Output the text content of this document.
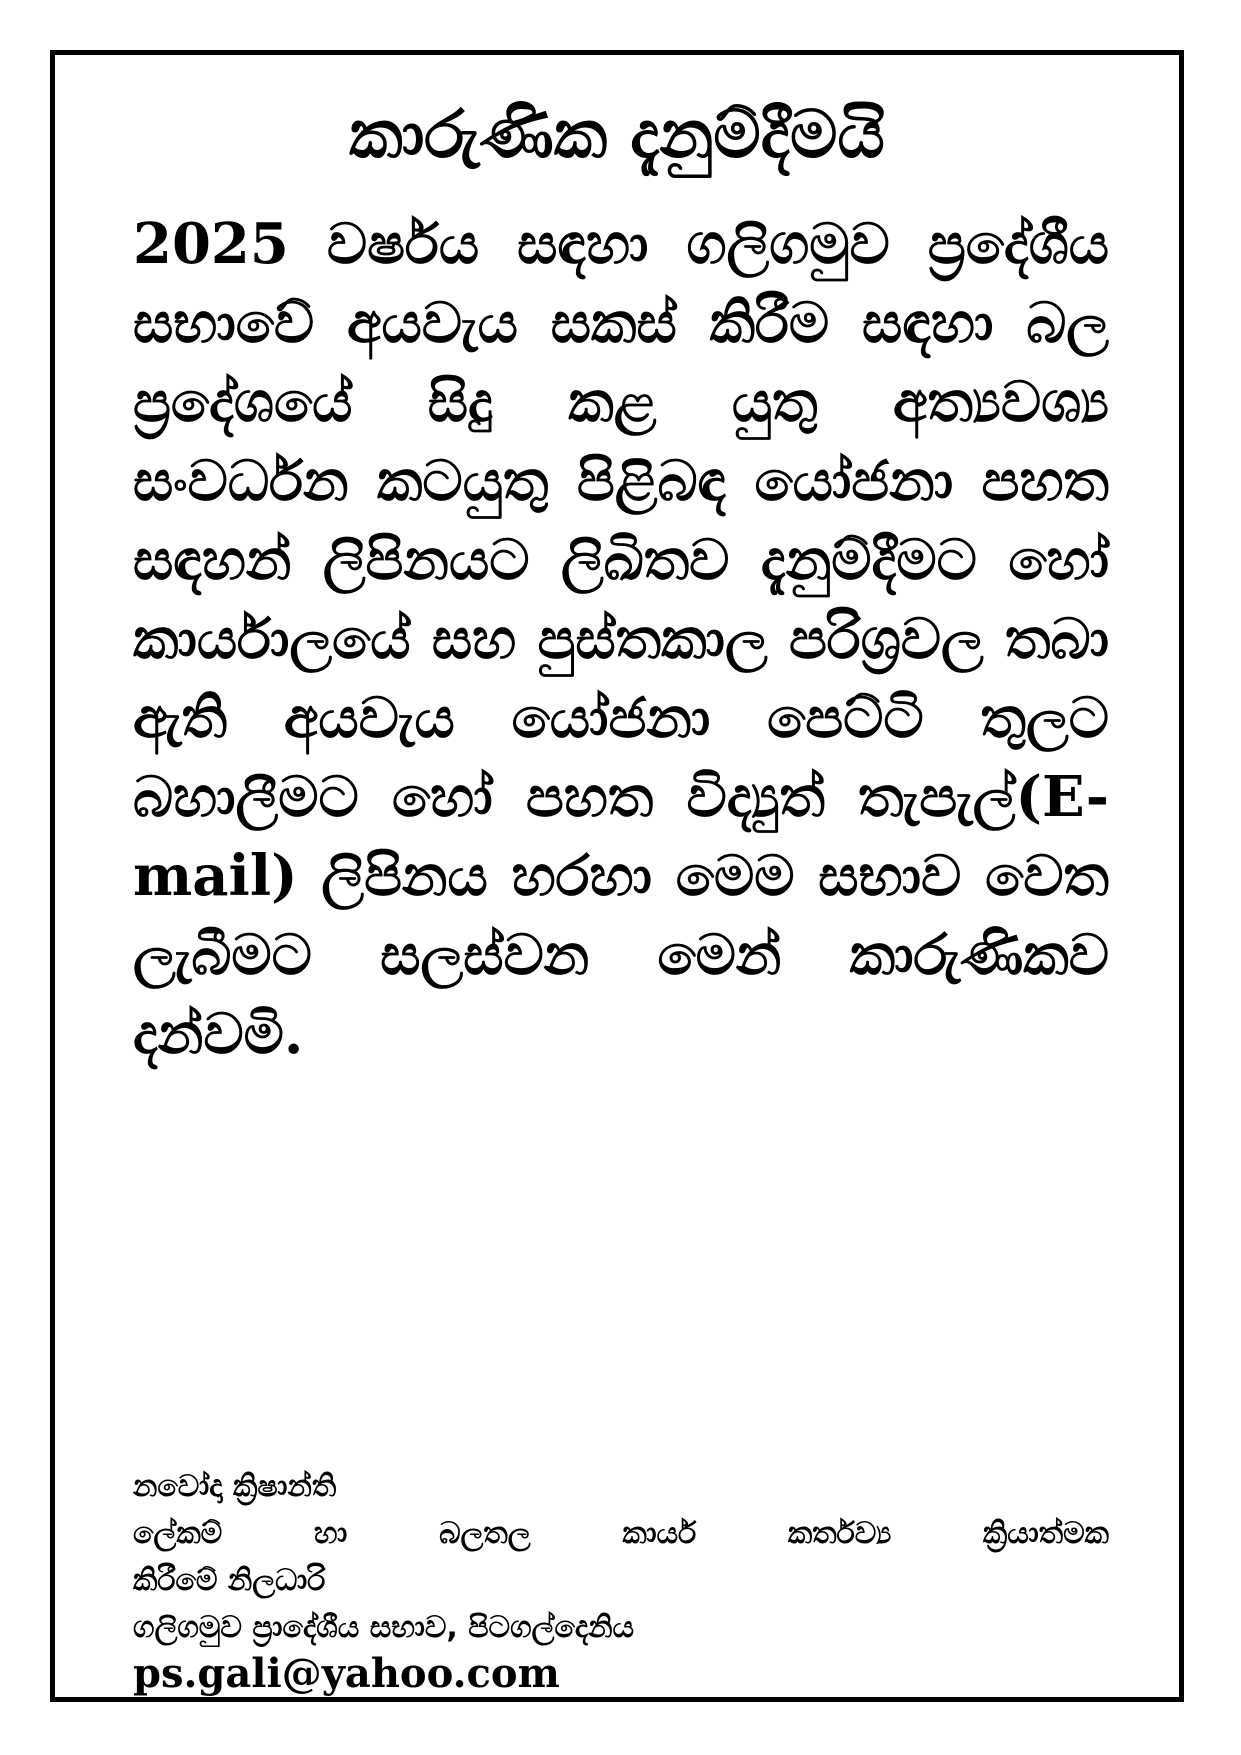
කාරුණික දැනුම්දීමයි

2025 වර්ෂය සඳහා ගලිගමුව ප්‍රදේශීය සභාවේ අයවැය සකස් කිරීම සඳහා බල ප්‍රදේශයේ සිදු කළ යුතු අත්‍යවශ්‍ය සංවර්ධන කටයුතු පිළිබඳ යෝජනා පහත සඳහන් ලිපිනයට ලිඛිතව දැනුම්දීමට හෝ කාර්යාලයේ සහ පුස්තකාල පරිශ්‍රවල තබා ඇති අයවැය යෝජනා පෙට්ටි තුලට බහාලීමට හෝ පහත විද්‍යුත් තැපැල්(E-mail) ලිපිනය හරහා මෙම සභාව වෙත ලැබීමට සලස්වන මෙන් කාරුණිකව දන්වමි.

නවෝදා ක්‍රිෂාන්ති
ලේකම් හා බලතල කාර්ය කර්තව්‍ය ක්‍රියාත්මක
කිරීමේ නිලධාරි
ගලිගමුව ප්‍රාදේශීය සභාව, පිටගල්දෙනිය
ps.gali@yahoo.com
